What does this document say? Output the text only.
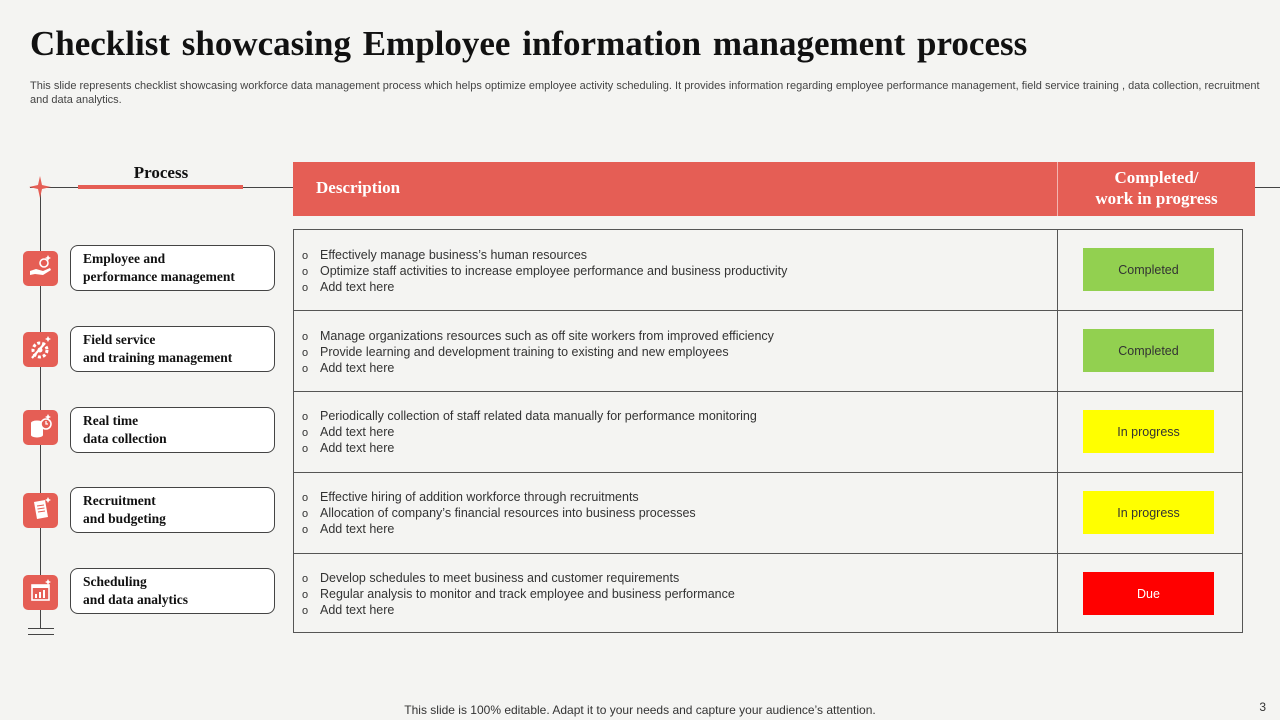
Checklist showcasing Employee information management process
This slide represents checklist showcasing workforce data management process which helps optimize employee activity scheduling. It provides information regarding employee performance management, field service training , data collection, recruitment and data analytics.
Process
Employee and
performance management
Field service
and training management
Real time
data collection
Recruitment
and budgeting
Scheduling
and data analytics
Description
Completed/
work in progress
o Effectively manage business’s human resources
o Optimize staff activities to increase employee performance and business productivity
o Add text here
Completed
o Manage organizations resources such as off site workers from improved efficiency
o Provide learning and development training to existing and new employees
o Add text here
Completed
o Periodically collection of staff related data manually for performance monitoring
o Add text here
o Add text here
In progress
o Effective hiring of addition workforce through recruitments
o Allocation of company’s financial resources into business processes
o Add text here
In progress
o Develop schedules to meet business and customer requirements
o Regular analysis to monitor and track employee and business performance
o Add text here
Due
This slide is 100% editable. Adapt it to your needs and capture your audience’s attention.	3
